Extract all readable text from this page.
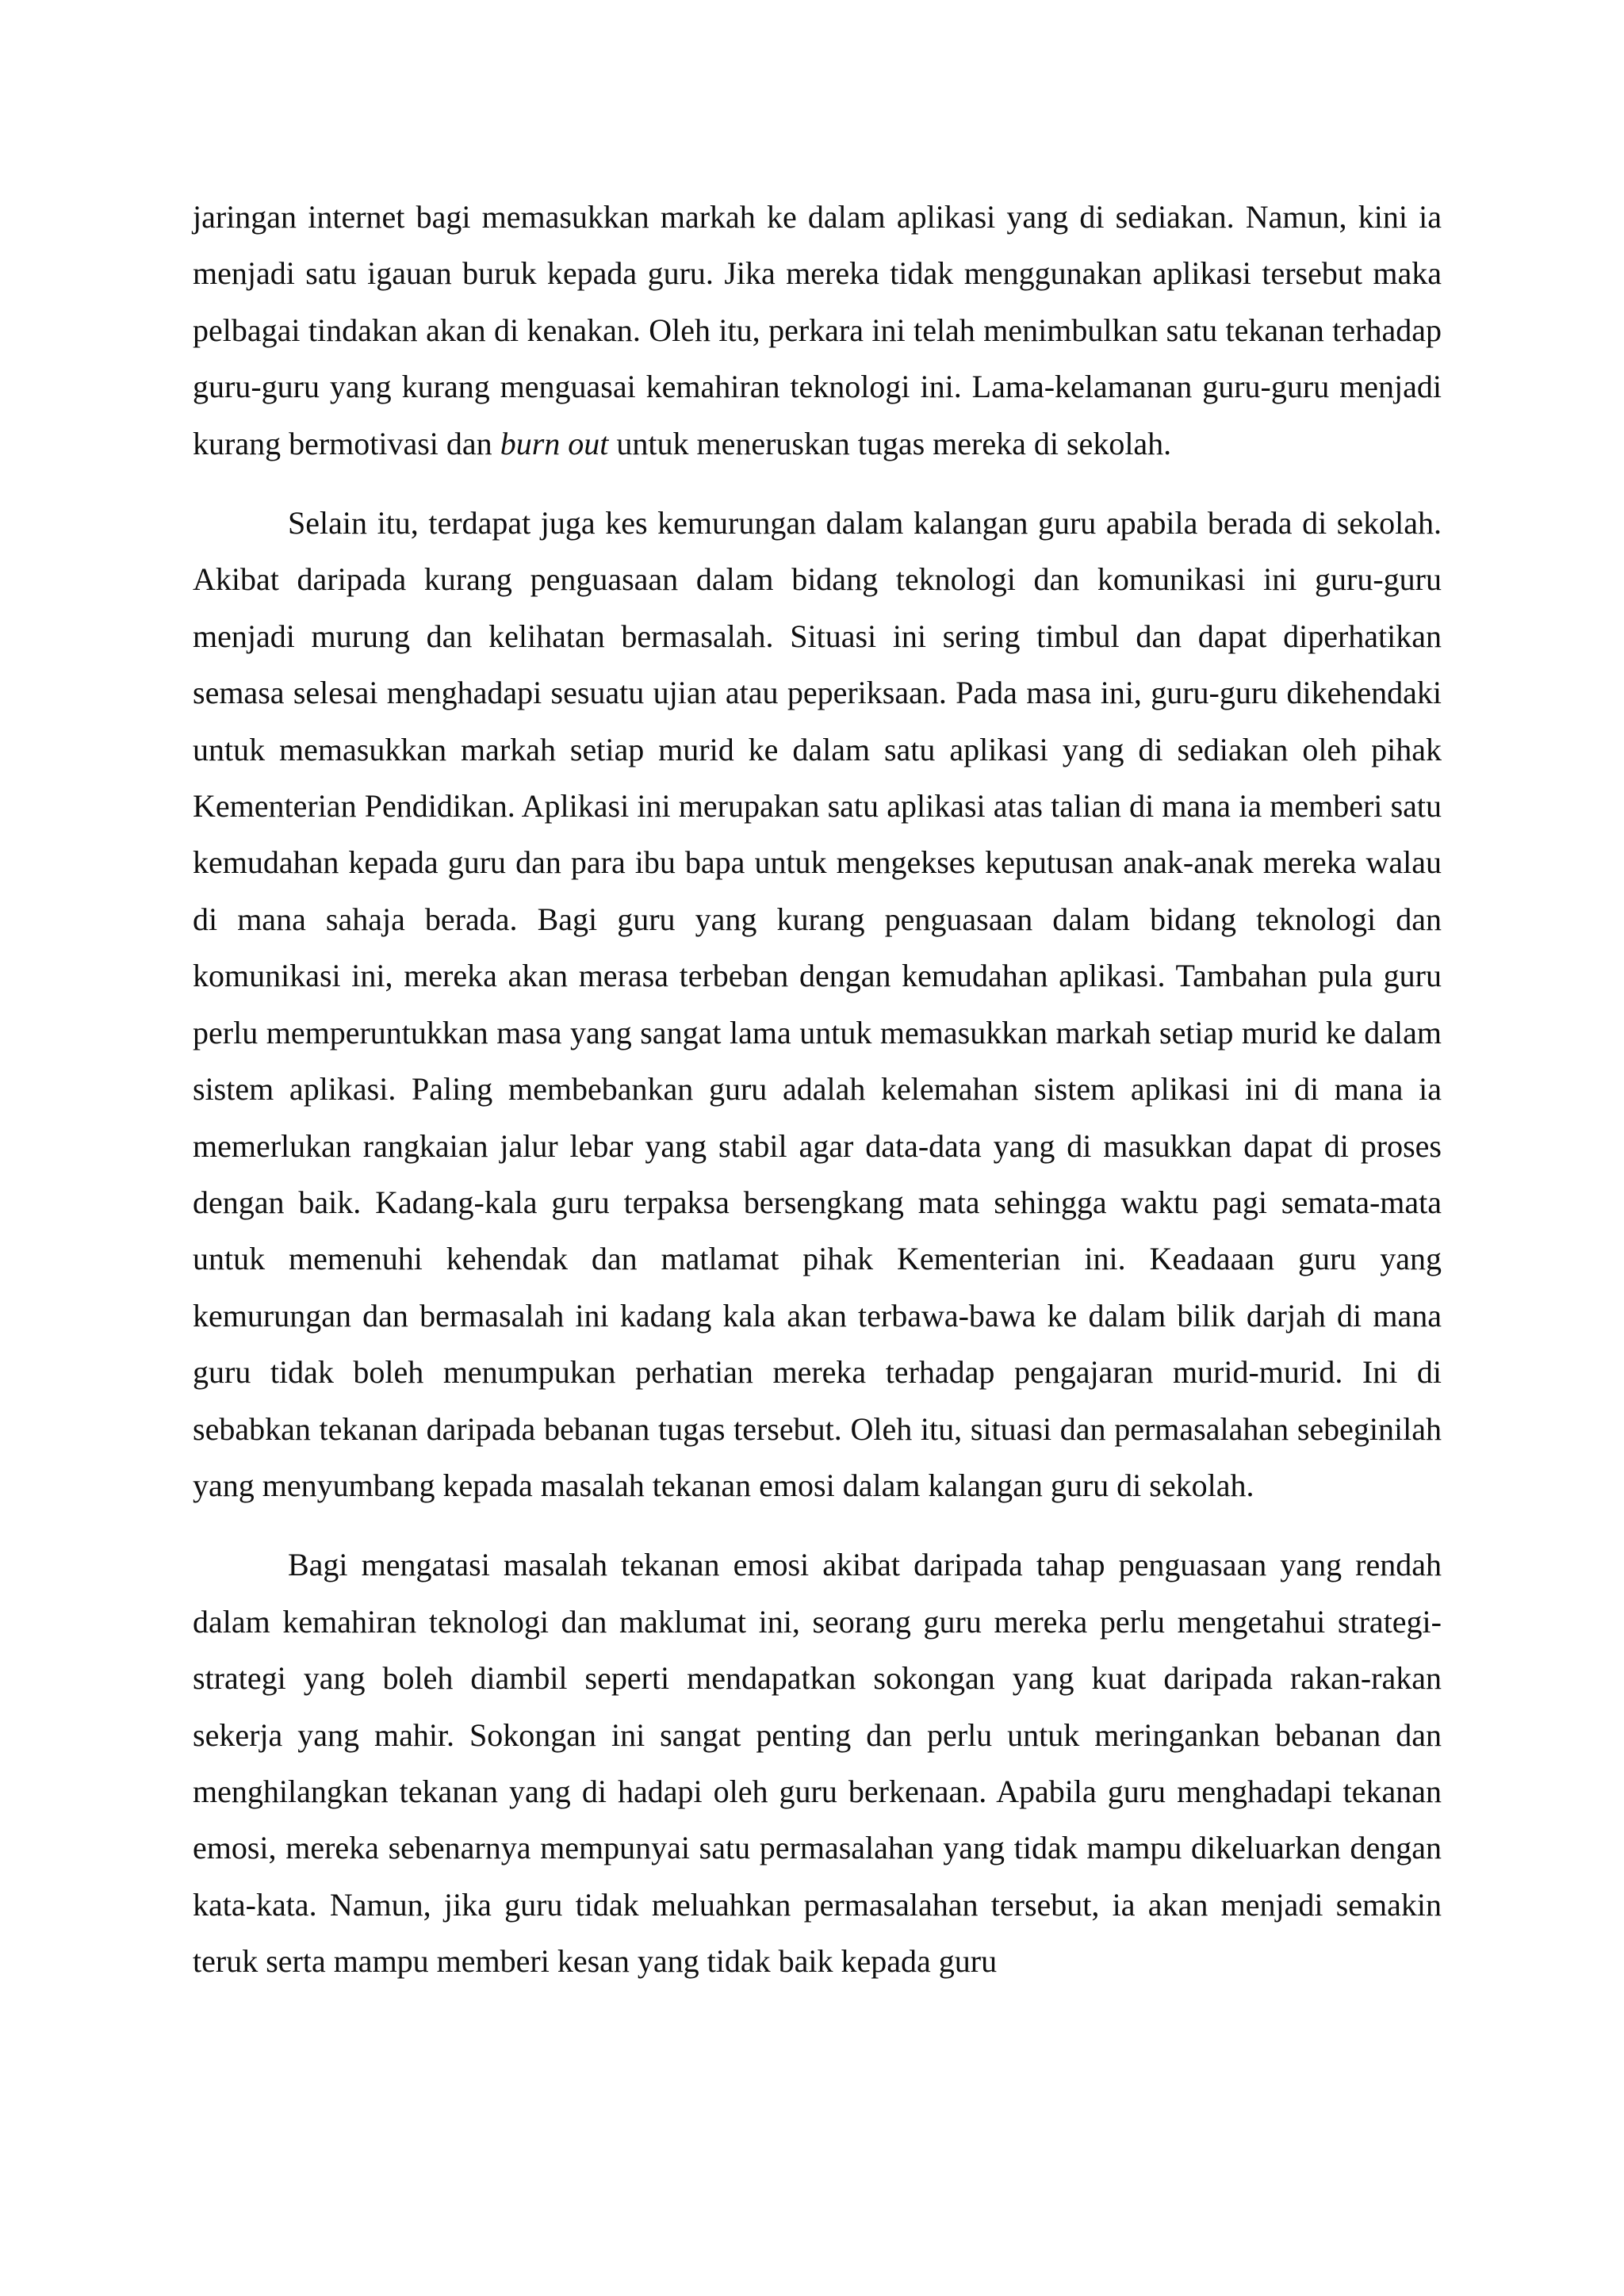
jaringan internet bagi memasukkan markah ke dalam aplikasi yang di sediakan. Namun, kini ia menjadi satu igauan buruk kepada guru. Jika mereka tidak menggunakan aplikasi tersebut maka pelbagai tindakan akan di kenakan. Oleh itu, perkara ini telah menimbulkan satu tekanan terhadap guru-guru yang kurang menguasai kemahiran teknologi ini. Lama-kelamanan guru-guru menjadi kurang bermotivasi dan burn out untuk meneruskan tugas mereka di sekolah.

Selain itu, terdapat juga kes kemurungan dalam kalangan guru apabila berada di sekolah. Akibat daripada kurang penguasaan dalam bidang teknologi dan komunikasi ini guru-guru menjadi murung dan kelihatan bermasalah. Situasi ini sering timbul dan dapat diperhatikan semasa selesai menghadapi sesuatu ujian atau peperiksaan. Pada masa ini, guru-guru dikehendaki untuk memasukkan markah setiap murid ke dalam satu aplikasi yang di sediakan oleh pihak Kementerian Pendidikan. Aplikasi ini merupakan satu aplikasi atas talian di mana ia memberi satu kemudahan kepada guru dan para ibu bapa untuk mengekses keputusan anak-anak mereka walau di mana sahaja berada. Bagi guru yang kurang penguasaan dalam bidang teknologi dan komunikasi ini, mereka akan merasa terbeban dengan kemudahan aplikasi. Tambahan pula guru perlu memperuntukkan masa yang sangat lama untuk memasukkan markah setiap murid ke dalam sistem aplikasi. Paling membebankan guru adalah kelemahan sistem aplikasi ini di mana ia memerlukan rangkaian jalur lebar yang stabil agar data-data yang di masukkan dapat di proses dengan baik. Kadang-kala guru terpaksa bersengkang mata sehingga waktu pagi semata-mata untuk memenuhi kehendak dan matlamat pihak Kementerian ini. Keadaaan guru yang kemurungan dan bermasalah ini kadang kala akan terbawa-bawa ke dalam bilik darjah di mana guru tidak boleh menumpukan perhatian mereka terhadap pengajaran murid-murid. Ini di sebabkan tekanan daripada bebanan tugas tersebut. Oleh itu, situasi dan permasalahan sebeginilah yang menyumbang kepada masalah tekanan emosi dalam kalangan guru di sekolah.

Bagi mengatasi masalah tekanan emosi akibat daripada tahap penguasaan yang rendah dalam kemahiran teknologi dan maklumat ini, seorang guru mereka perlu mengetahui strategi-strategi yang boleh diambil seperti mendapatkan sokongan yang kuat daripada rakan-rakan sekerja yang mahir. Sokongan ini sangat penting dan perlu untuk meringankan bebanan dan menghilangkan tekanan yang di hadapi oleh guru berkenaan. Apabila guru menghadapi tekanan emosi, mereka sebenarnya mempunyai satu permasalahan yang tidak mampu dikeluarkan dengan kata-kata. Namun, jika guru tidak meluahkan permasalahan tersebut, ia akan menjadi semakin teruk serta mampu memberi kesan yang tidak baik kepada guru
